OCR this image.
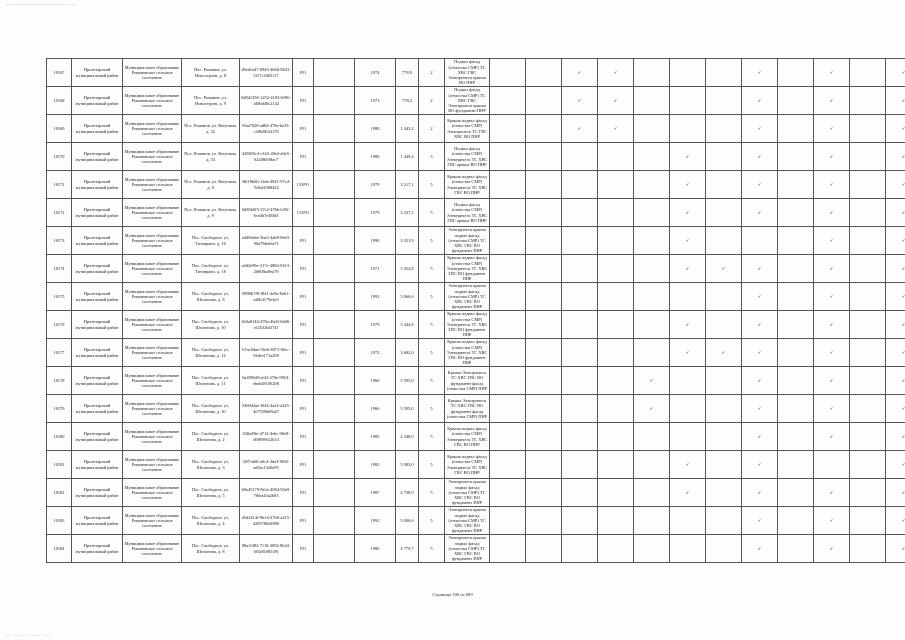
— — — ——— ——— —— — — — —
10167	Пролетарский муниципальный район	Муниципальное образование Романовское сельское поселение	Пос. Романов, ул. Новостроев, д. 8	d9ed1ed7-8943-4b66-8b33-5f17c3d03117	РО		1974	778,9	2	Подвал фасад (отмостка СМР) ТС ХВС ГВС Электрическ крыша ВО ПНР			✓	✓				✓		✓		✓
10168	Пролетарский муниципальный район	Муниципальное образование Романовское сельское поселение	Пос. Романов, ул. Новостроев, д. 9	0d9d1356-1252-4103-b596-1d8bd48c2142	РО		1973	778,2	2	Подвал фасад (отмостка СМР) ТС ХВС ГВС Электрическ крыша ВО фундамент ПНР			✓	✓				✓		✓		✓
10169	Пролетарский муниципальный район	Муниципальное образование Романовское сельское поселение	Пос. Романов, ул. Ватутина, д. 32	f9aa7026-ad0d-478e-be33-c3f8a9b54178	РО		1988	1 443,2	2	Крыша подвал фасад (отмостка СМР) Электрическ ТС ГВС ХВС ВО ПНР			✓	✓				✓		✓		✓
10170	Пролетарский муниципальный район	Муниципальное образование Романовское сельское поселение	Пос. Романов, ул. Ватутина, д. 33	445805c3-e1b5-49e2-a0e5-022f8b0f8ac7	РО		1980	1 449,4	3	Подвал фасад (отмостка СМР) Электрическ ТС ХВС ГВС крыша ВО ПНР						✓		✓		✓		✓
10171	Пролетарский муниципальный район	Муниципальное образование Романовское сельское поселение	Пос. Романов, ул. Ватутина, д. 8	36f18b66-12da-4841-97cd-7b0af2588424	СОРО		1979	3 217,1	5	Крыша подвал фасад (отмостка СМР) Электрическ ТС ХВС ГВС ВО ПНР						✓		✓		✓		✓
10172	Пролетарский муниципальный район	Муниципальное образование Романовское сельское поселение	Пос. Романов, ул. Ватутина, д. 9	0d85b0f5-37c2-476b-b35f-6ce4b7e48fd3	СОРО		1979	3 237,1	5	Подвал фасад (отмостка СМР) Электрическ ТС ХВС ГВС крыша ВО ПНР						✓		✓		✓		✓
10173	Пролетарский муниципальный район	Муниципальное образование Романовское сельское поселение	Пос. Свободное, ул. Титоврано, д. 16	a4d0da6e-3ba5-4ab8-96e0-90a79abebe7f	РО		1990	3 351,9	5	Электрическ крыша подвал фасад (отмостка СМР) ТС ХВС ГВС ВО фундамент ПНР						✓				✓		✓
10174	Пролетарский муниципальный район	Муниципальное образование Романовское сельское поселение	Пос. Свободное, ул. Титоврано, д. 18	a4d2e09e-217e-4884-9413-2b9f8ba8ea79	РО		1971	3 252,8	5	Крыша подвал фасад (отмостка СМР) Электрическ ТС ХВС ГВС ВО фундамент ПНР						✓	✓	✓		✓		✓
10175	Пролетарский муниципальный район	Муниципальное образование Романовское сельское поселение	Пос. Свободное, ул. Шелонова, д. 8	8890b7f8-f841-4e9a-8a61-ea8b4179e4e5	РО		1993	5 066,6	5	Электрическ крыша подвал фасад (отмостка СМР) ТС ХВС ГВС ВО фундамент ПНР								✓		✓		✓
10176	Пролетарский муниципальный район	Муниципальное образование Романовское сельское поселение	Пос. Свободное, ул. Шелонова, д. 10	2b0a8144-478a-46d3-bb06-ef253264f74f	РО		1979	3 444,8	5	Крыша подвал фасад (отмостка СМР) Электрическ ТС ХВС ГВС ВО фундамент ПНР						✓		✓		✓		✓
10177	Пролетарский муниципальный район	Муниципальное образование Романовское сельское поселение	Пос. Свободное, ул. Шелонова, д. 12	b7ac8dae-56e6-4071-9fec-94dee171a209	РО		1972	3 682,0	5	Крыша подвал фасад (отмостка СМР) Электрическ ТС ХВС ГВС ВО фундамент ПНР						✓	✓	✓		✓		✓
10178	Пролетарский муниципальный район	Муниципальное образование Романовское сельское поселение	Пос. Свободное, ул. Шелонова, д. 11	6a28f9d0-ef42-470e-9954-ebeb48106208	РО		1966	5 595,0	5	Крыша Электрическ ТС ХВС ГВС ВО фундамент фасад (отмостка СМР) ПНР					✓			✓		✓		✓
10179	Пролетарский муниципальный район	Муниципальное образование Романовское сельское поселение	Пос. Свободное, ул. Шелонова, д. 10	5469d4ae-f044-4a24-a323-4e7559b68a47	РО		1966	5 595,0	5	Крыша Электрическ ТС ХВС ГВС ВО фундамент фасад (отмостка СМР) ПНР					✓			✓		✓		✓
10180	Пролетарский муниципальный район	Муниципальное образование Романовское сельское поселение	Пос. Свободное, ул. Шелонова, д. 2	f34bd9fe-4712-4ebc-90e8-d9f898612b14	РО		1985	4 348,0	5	Крыша подвал фасад (отмостка СМР) Электрическ ТС ХВС ГВС ВО ПНР								✓		✓		✓
10181	Пролетарский муниципальный район	Муниципальное образование Романовское сельское поселение	Пос. Свободное, ул. Шелонова, д. 3	2f87ab0f-a6c4-4da3-9f60-ad5ac1326e95	РО		1982	5 983,0	5	Крыша подвал фасад (отмостка СМР) Электрическ ТС ХВС ГВС ВО ПНР						✓		✓				✓
10182	Пролетарский муниципальный район	Муниципальное образование Романовское сельское поселение	Пос. Свободное, ул. Шелонова, д. 5	b9a45179-8e2e-4064-93e0-7f6ea43a2b03	РО		1987	4 738,9	5	Электрическ крыша подвал фасад (отмостка СМР) ТС ХВС ГВС ВО фундамент ПНР						✓		✓		✓		✓
10183	Пролетарский муниципальный район	Муниципальное образование Романовское сельское поселение	Пос. Свободное, ул. Шелонова, д. 4	d5d2414f-9b14-47b6-a415-4205780d4990	РО		1992	5 006,6	5	Электрическ крыша подвал фасад (отмостка СМР) ТС ХВС ГВС ВО фундамент ПНР								✓		✓		✓
10184	Пролетарский муниципальный район	Муниципальное образование Романовское сельское поселение	Пос. Свободное, ул. Шелонова, д. 8	98a1f482-7110-4002-8b44-6f5a8108539f	РО		1986	4 779,7	5	Электрическ крыша подвал фасад (отмостка СМР) ТС ХВС ГВС ВО фундамент ПНР								✓		✓		✓
Страница 506 из 689
— · — — · — —— · · — ·
